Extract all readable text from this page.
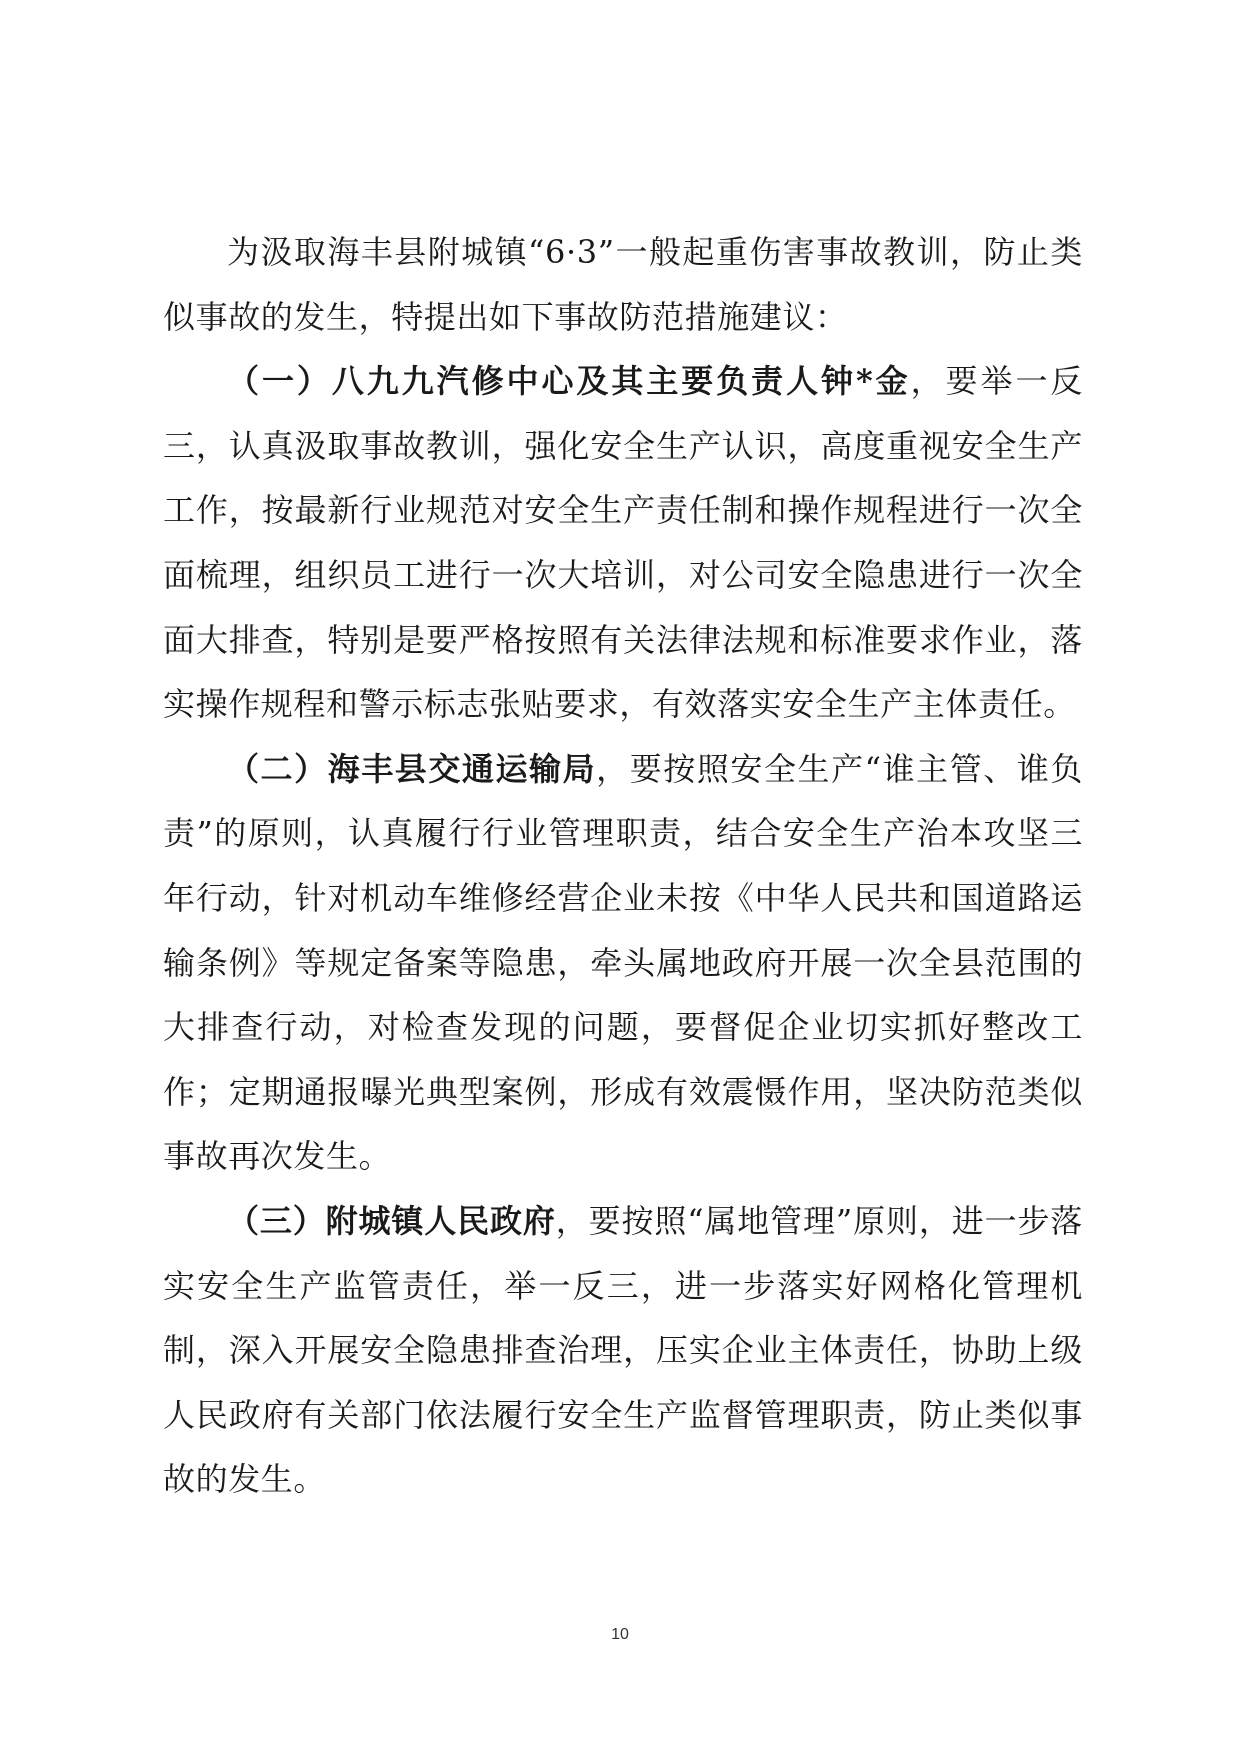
为汲取海丰县附城镇“6·3”一般起重伤害事故教训，防止类似事故的发生，特提出如下事故防范措施建议：

（一）八九九汽修中心及其主要负责人钟*金，要举一反三，认真汲取事故教训，强化安全生产认识，高度重视安全生产工作，按最新行业规范对安全生产责任制和操作规程进行一次全面梳理，组织员工进行一次大培训，对公司安全隐患进行一次全面大排查，特别是要严格按照有关法律法规和标准要求作业，落实操作规程和警示标志张贴要求，有效落实安全生产主体责任。

（二）海丰县交通运输局，要按照安全生产“谁主管、谁负责”的原则，认真履行行业管理职责，结合安全生产治本攻坚三年行动，针对机动车维修经营企业未按《中华人民共和国道路运输条例》等规定备案等隐患，牵头属地政府开展一次全县范围的大排查行动，对检查发现的问题，要督促企业切实抓好整改工作；定期通报曝光典型案例，形成有效震慑作用，坚决防范类似事故再次发生。

（三）附城镇人民政府，要按照“属地管理”原则，进一步落实安全生产监管责任，举一反三，进一步落实好网格化管理机制，深入开展安全隐患排查治理，压实企业主体责任，协助上级人民政府有关部门依法履行安全生产监督管理职责，防止类似事故的发生。

10
